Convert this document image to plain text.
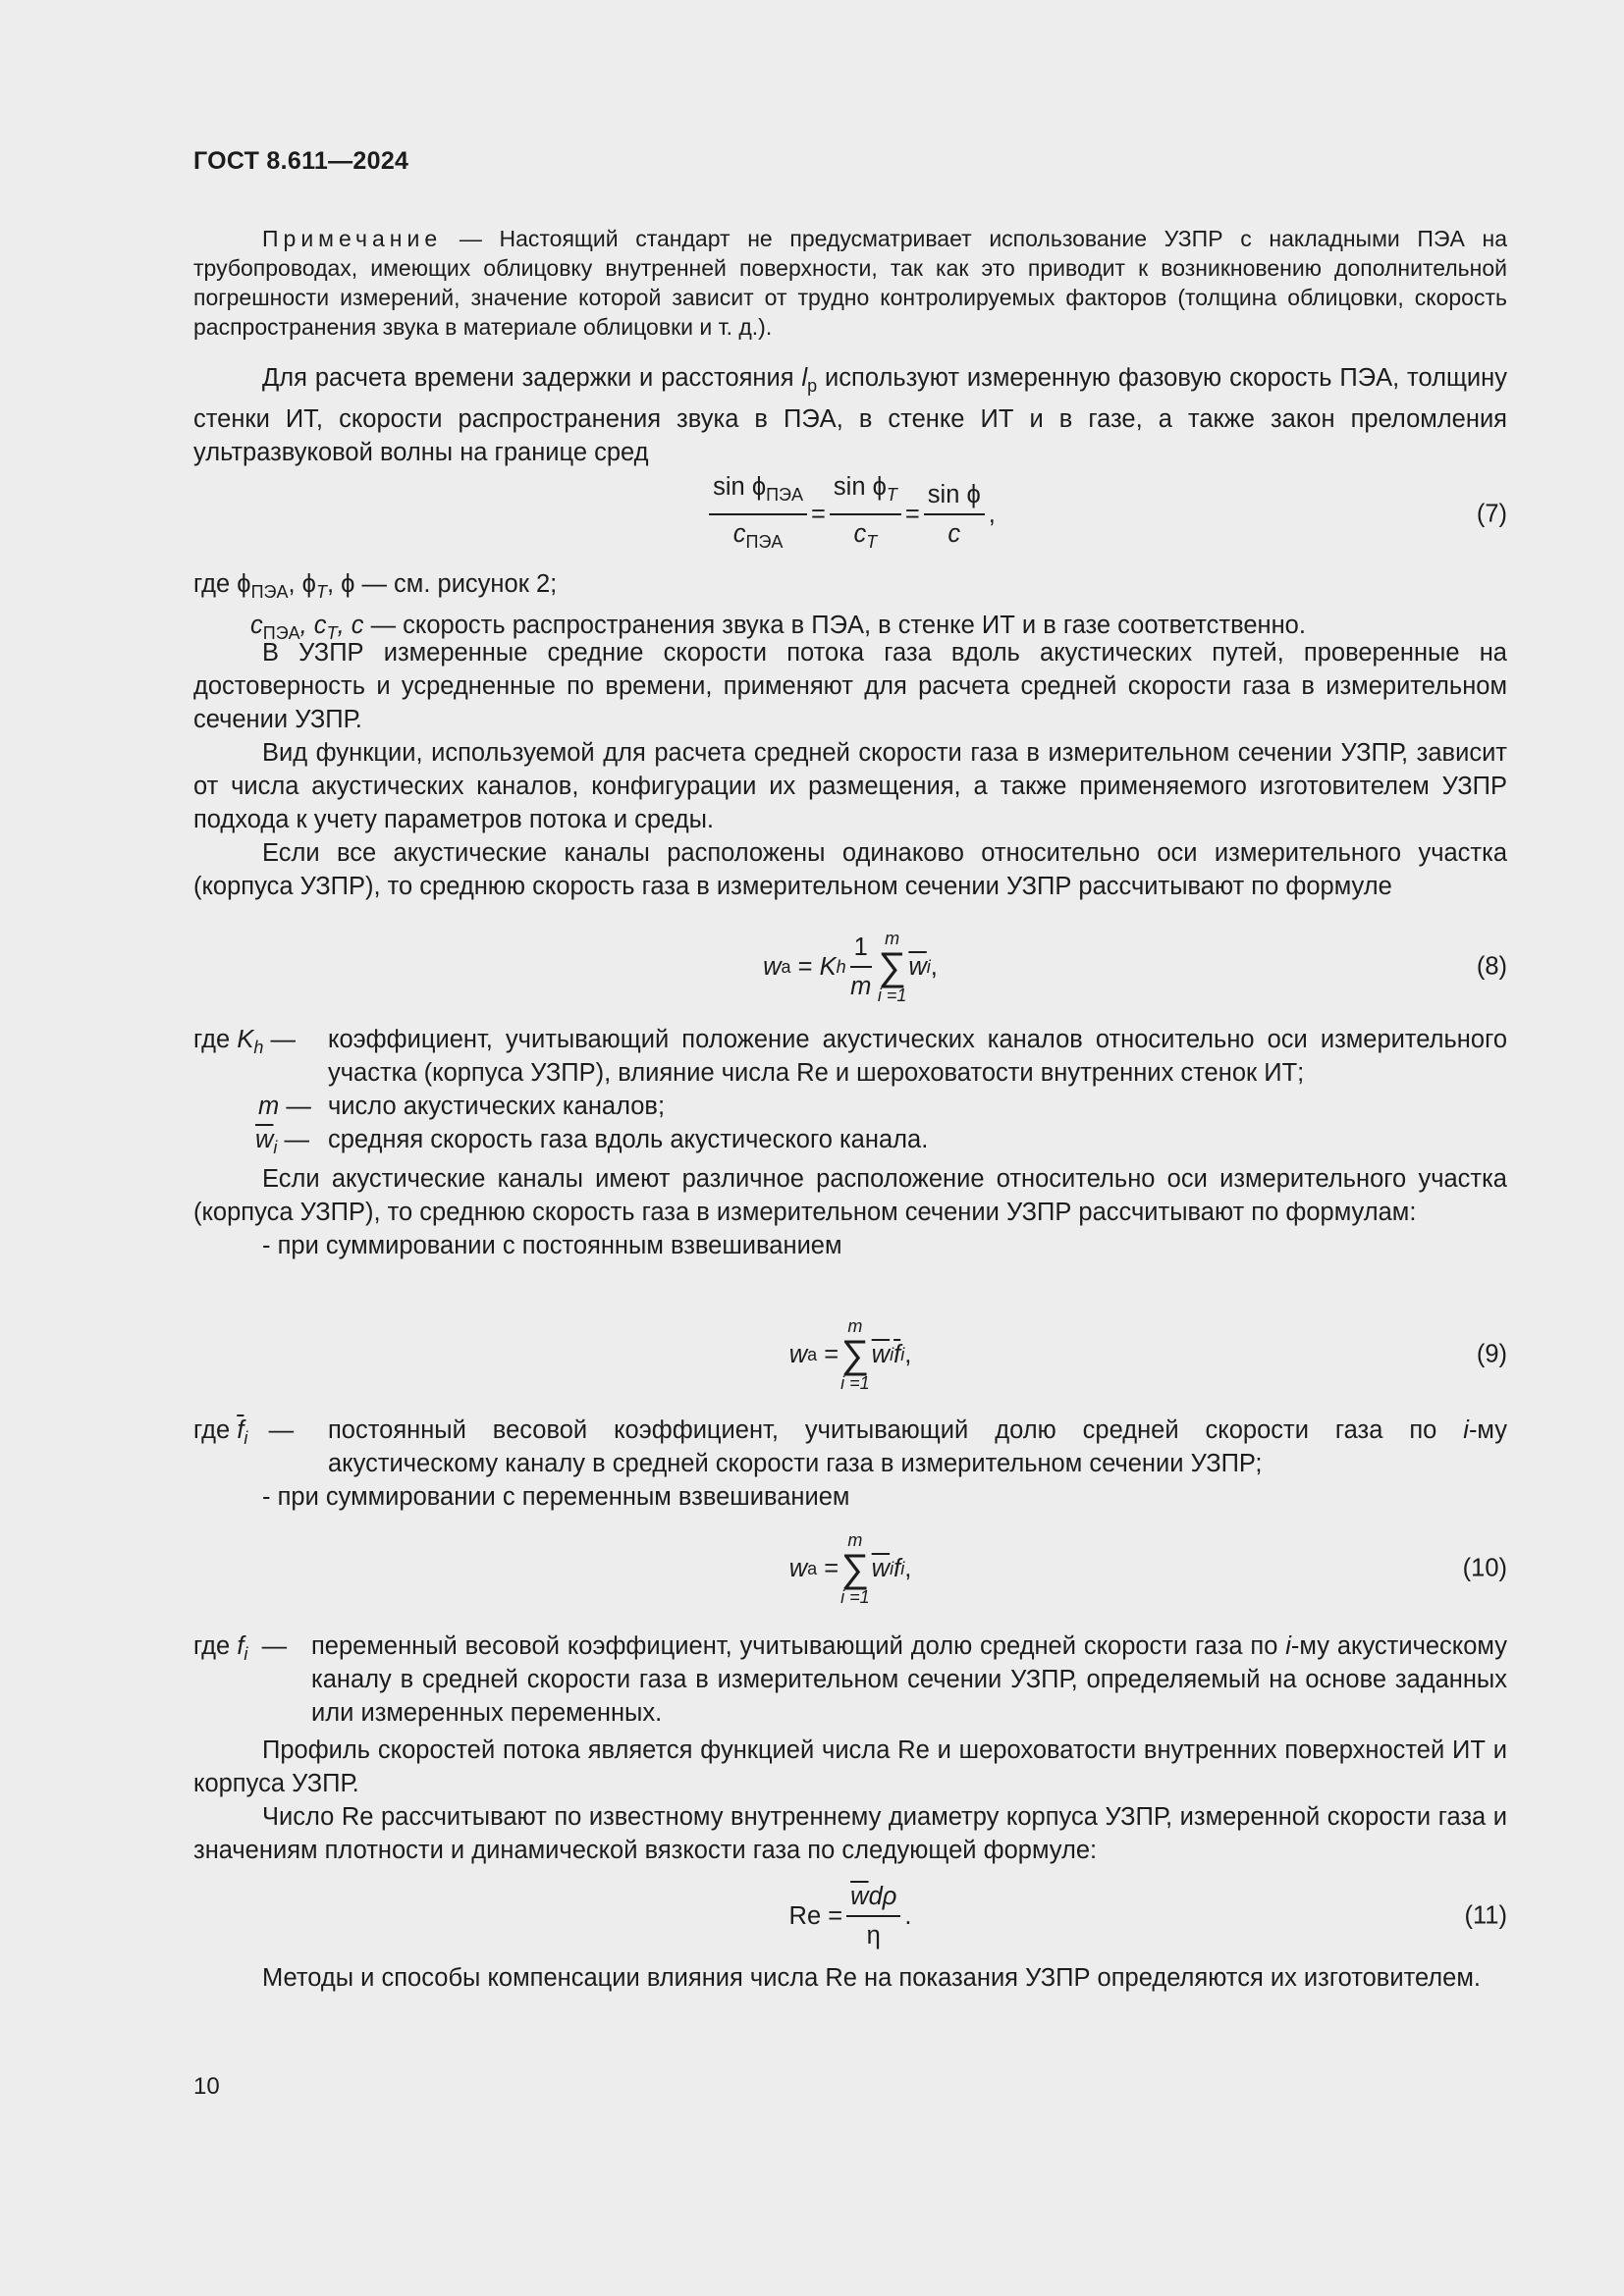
ГОСТ 8.611—2024

Примечание — Настоящий стандарт не предусматривает использование УЗПР с накладными ПЭА на трубопроводах, имеющих облицовку внутренней поверхности, так как это приводит к возникновению дополнительной погрешности измерений, значение которой зависит от трудно контролируемых факторов (толщина облицовки, скорость распространения звука в материале облицовки и т. д.).

Для расчета времени задержки и расстояния $l_p$ используют измеренную фазовую скорость ПЭА, толщину стенки ИТ, скорости распространения звука в ПЭА, в стенке ИТ и в газе, а также закон преломления ультразвуковой волны на границе сред

$\frac{\sin \phi_{ПЭА}}{c_{ПЭА}} = \frac{\sin \phi_T}{c_T} = \frac{\text{sin ϕ}}{c}$ ,	(7)
где $\phi_{ПЭА}$, $\phi_T$, ϕ — см. рисунок 2;
$c_{ПЭА}$, $c_T$, c — скорость распространения звука в ПЭА, в стенке ИТ и в газе соответственно.

В УЗПР измеренные средние скорости потока газа вдоль акустических путей, проверенные на достоверность и усредненные по времени, применяют для расчета средней скорости газа в измерительном сечении УЗПР.

Вид функции, используемой для расчета средней скорости газа в измерительном сечении УЗПР, зависит от числа акустических каналов, конфигурации их размещения, а также применяемого изготовителем УЗПР подхода к учету параметров потока и среды.

Если все акустические каналы расположены одинаково относительно оси измерительного участка (корпуса УЗПР), то среднюю скорость газа в измерительном сечении УЗПР рассчитывают по формуле

w a
=
K h $\frac{1}{m}$ m
∑
i =1
$\overline{w}$ i ,	(8)
где $K_h$ —	коэффициент, учитывающий положение акустических каналов относительно оси измерительного участка (корпуса УЗПР), влияние числа Re и шероховатости внутренних стенок ИТ;
m — число акустических каналов;
$\overline{w}_i$ — средняя скорость газа вдоль акустического канала.

Если акустические каналы имеют различное расположение относительно оси измерительного участка (корпуса УЗПР), то среднюю скорость газа в измерительном сечении УЗПР рассчитывают по формулам:

- при суммировании с постоянным взвешиванием

w a
=
m
∑
i =1
$\overline{w}$ i $\overline{f}$ i ,	(9)
где $\overline{f}_i$ —	постоянный весовой коэффициент, учитывающий долю средней скорости газа по i-му акустическому каналу в средней скорости газа в измерительном сечении УЗПР;

- при суммировании с переменным взвешиванием

w a
=
m
∑
i =1
$\overline{w}$ i f i ,	(10)
где $f_i$ — переменный весовой коэффициент, учитывающий долю средней скорости газа по i-му акустическому каналу в средней скорости газа в измерительном сечении УЗПР, определяемый на основе заданных или измеренных переменных.

Профиль скоростей потока является функцией числа Re и шероховатости внутренних поверхностей ИТ и корпуса УЗПР.

Число Re рассчитывают по известному внутреннему диаметру корпуса УЗПР, измеренной скорости газа и значениям плотности и динамической вязкости газа по следующей формуле:

Re
= $\frac{\overline{w}d\rho}{\eta}$ .	(11)

Методы и способы компенсации влияния числа Re на показания УЗПР определяются их изготовителем.

10
